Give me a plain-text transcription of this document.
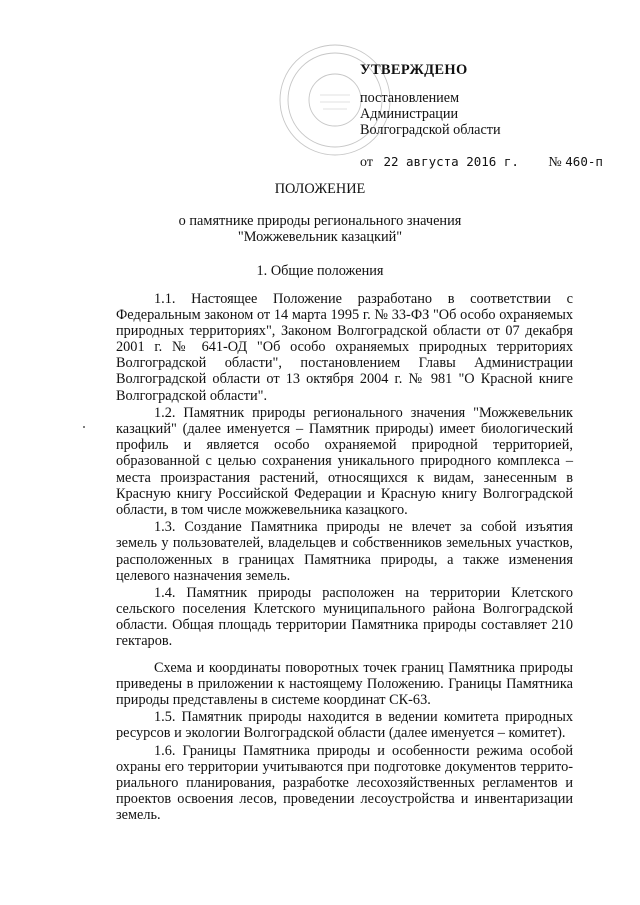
УТВЕРЖДЕНО
постановлением
Администрации
Волгоградской области
от 22 августа 2016 г. № 460-п
ПОЛОЖЕНИЕ
о памятнике природы регионального значения
"Можжевельник казацкий"
1. Общие положения

1.1. Настоящее Положение разработано в соответствии с Федеральным законом от 14 марта 1995 г. № 33-ФЗ "Об особо охраняемых природных территориях", Законом Волгоградской области от 07 декабря 2001 г. № 641-ОД "Об особо охраняемых природных территориях Волгоградской области", постановлением Главы Администрации Волгоградской области от 13 октября 2004 г. № 981 "О Красной книге Волгоградской области".

1.2. Памятник природы регионального значения "Можжевельник казацкий" (далее именуется – Памятник природы) имеет биологический профиль и является особо охраняемой природной территорией, образованной с целью сохранения уникального природного комплекса – места произрастания растений, относящихся к видам, занесенным в Красную книгу Российской Федерации и Красную книгу Волгоградской области, в том числе можжевельника казацкого.

1.3. Создание Памятника природы не влечет за собой изъятия земель у пользователей, владельцев и собственников земельных участков, расположенных в границах Памятника природы, а также изменения целевого назначения земель.

1.4. Памятник природы расположен на территории Клетского сельского поселения Клетского муниципального района Волгоградской области. Общая площадь территории Памятника природы составляет 210 гектаров.

Схема и координаты поворотных точек границ Памятника природы приведены в приложении к настоящему Положению. Границы Памятника природы представлены в системе координат СК-63.

1.5. Памятник природы находится в ведении комитета природных ресурсов и экологии Волгоградской области (далее именуется – комитет).

1.6. Границы Памятника природы и особенности режима особой охраны его территории учитываются при подготовке документов террито-риального планирования, разработке лесохозяйственных регламентов и проектов освоения лесов, проведении лесоустройства и инвентаризации земель.
